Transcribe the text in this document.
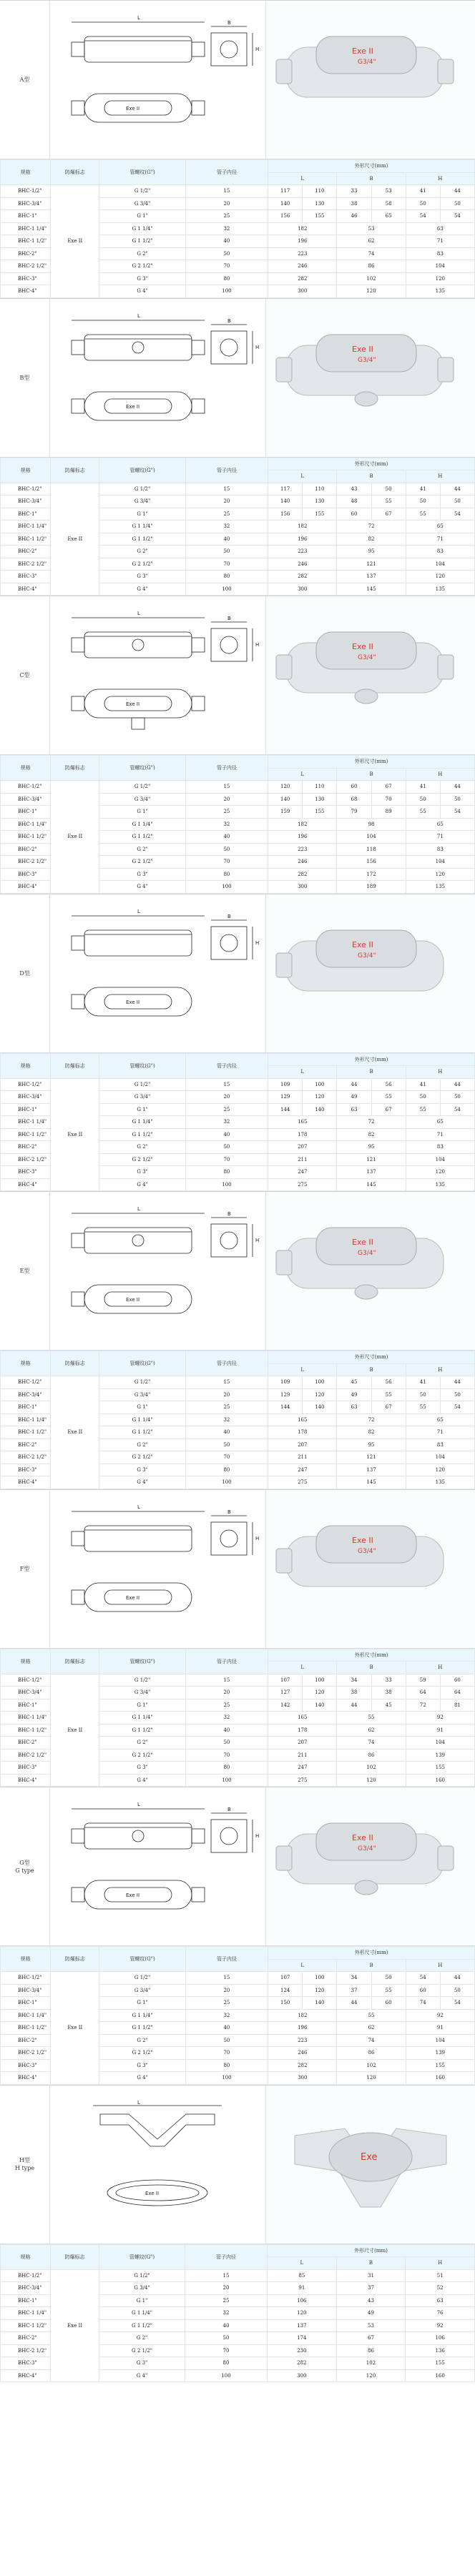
A型
B
H
L
Exe II
Exe II
G3/4"
规格	防爆标志	管螺纹(G")	管子内径	外形尺寸(mm)					
				L		B		H	
BHC-1/2"	Exe II	G 1/2"	15	117	110	33	53	41	44
BHC-3/4"		G 3/4"	20	140	130	38	58	50	50
BHC-1"		G 1"	25	156	155	46	65	54	54
BHC-1 1/4"		G 1 1/4"	32	182		53		63	
BHC-1 1/2"		G 1 1/2"	40	196		62		71	
BHC-2"		G 2"	50	223		74		83	
BHC-2 1/2"		G 2 1/2"	70	246		86		104	
BHC-3"		G 3"	80	282		102		120	
BHC-4"		G 4"	100	300		120		135	
B型
B
H
L
Exe II
Exe II
G3/4"
规格	防爆标志	管螺纹(G")	管子内径	外形尺寸(mm)					
				L		B		H	
BHC-1/2"	Exe II	G 1/2"	15	117	110	43	50	41	44
BHC-3/4"		G 3/4"	20	140	130	48	55	50	50
BHC-1"		G 1"	25	156	155	60	67	55	54
BHC-1 1/4"		G 1 1/4"	32	182		72		65	
BHC-1 1/2"		G 1 1/2"	40	196		82		71	
BHC-2"		G 2"	50	223		95		83	
BHC-2 1/2"		G 2 1/2"	70	246		121		104	
BHC-3"		G 3"	80	282		137		120	
BHC-4"		G 4"	100	300		145		135	
C型
B
H
L
Exe II
Exe II
G3/4"
规格	防爆标志	管螺纹(G")	管子内径	外形尺寸(mm)					
				L		B		H	
BHC-1/2"	Exe II	G 1/2"	15	120	110	60	67	41	44
BHC-3/4"		G 3/4"	20	140	130	68	70	50	50
BHC-1"		G 1"	25	159	155	79	89	55	54
BHC-1 1/4"		G 1 1/4"	32	182		98		65	
BHC-1 1/2"		G 1 1/2"	40	196		104		71	
BHC-2"		G 2"	50	223		118		83	
BHC-2 1/2"		G 2 1/2"	70	246		156		104	
BHC-3"		G 3"	80	282		172		120	
BHC-4"		G 4"	100	300		189		135	
D型
B
H
L
Exe II
Exe II
G3/4"
规格	防爆标志	管螺纹(G")	管子内径	外形尺寸(mm)					
				L		B		H	
BHC-1/2"	Exe II	G 1/2"	15	109	100	44	56	41	44
BHC-3/4"		G 3/4"	20	129	120	49	55	50	50
BHC-1"		G 1"	25	144	140	63	67	55	54
BHC-1 1/4"		G 1 1/4"	32	165		72		65	
BHC-1 1/2"		G 1 1/2"	40	178		82		71	
BHC-2"		G 2"	50	207		95		83	
BHC-2 1/2"		G 2 1/2"	70	211		121		104	
BHC-3"		G 3"	80	247		137		120	
BHC-4"		G 4"	100	275		145		135	
E型
B
H
L
Exe II
Exe II
G3/4"
规格	防爆标志	管螺纹(G")	管子内径	外形尺寸(mm)					
				L		B		H	
BHC-1/2"	Exe II	G 1/2"	15	109	100	45	56	41	44
BHC-3/4"		G 3/4"	20	129	120	49	55	50	50
BHC-1"		G 1"	25	144	140	63	67	55	54
BHC-1 1/4"		G 1 1/4"	32	165		72		65	
BHC-1 1/2"		G 1 1/2"	40	178		82		71	
BHC-2"		G 2"	50	207		95		83	
BHC-2 1/2"		G 2 1/2"	70	211		121		104	
BHC-3"		G 3"	80	247		137		120	
BHC-4"		G 4"	100	275		145		135	
F型
B
H
L
Exe II
Exe II
G3/4"
规格	防爆标志	管螺纹(G")	管子内径	外形尺寸(mm)					
				L		B		H	
BHC-1/2"	Exe II	G 1/2"	15	107	100	34	33	59	60
BHC-3/4"		G 3/4"	20	127	120	38	38	64	64
BHC-1"		G 1"	25	142	140	44	45	72	81
BHC-1 1/4"		G 1 1/4"	32	165		55		92	
BHC-1 1/2"		G 1 1/2"	40	178		62		91	
BHC-2"		G 2"	50	207		74		104	
BHC-2 1/2"		G 2 1/2"	70	211		86		139	
BHC-3"		G 3"	80	247		102		155	
BHC-4"		G 4"	100	275		120		160	
G型
G type
B
H
L
Exe II
Exe II
G3/4"
规格	防爆标志	管螺纹(G")	管子内径	外形尺寸(mm)					
				L		B		H	
BHC-1/2"	Exe II	G 1/2"	15	107	100	34	50	54	44
BHC-3/4"		G 3/4"	20	124	120	37	55	60	50
BHC-1"		G 1"	25	150	140	44	60	74	54
BHC-1 1/4"		G 1 1/4"	32	182		55		92	
BHC-1 1/2"		G 1 1/2"	40	196		62		91	
BHC-2"		G 2"	50	223		74		104	
BHC-2 1/2"		G 2 1/2"	70	246		86		139	
BHC-3"		G 3"	80	282		102		155	
BHC-4"		G 4"	100	300		120		160	
H型
H type
L
Exe II
Exe
规格	防爆标志	管螺纹(G")	管子内径	外形尺寸(mm)		
				L	B	H
BHC-1/2"	Exe II	G 1/2"	15	85	31	51
BHC-3/4"		G 3/4"	20	91	37	52
BHC-1"		G 1"	25	106	43	63
BHC-1 1/4"		G 1 1/4"	32	120	49	76
BHC-1 1/2"		G 1 1/2"	40	137	53	92
BHC-2"		G 2"	50	174	67	106
BHC-2 1/2"		G 2 1/2"	70	230	86	136
BHC-3"		G 3"	80	282	102	155
BHC-4"		G 4"	100	300	120	160
